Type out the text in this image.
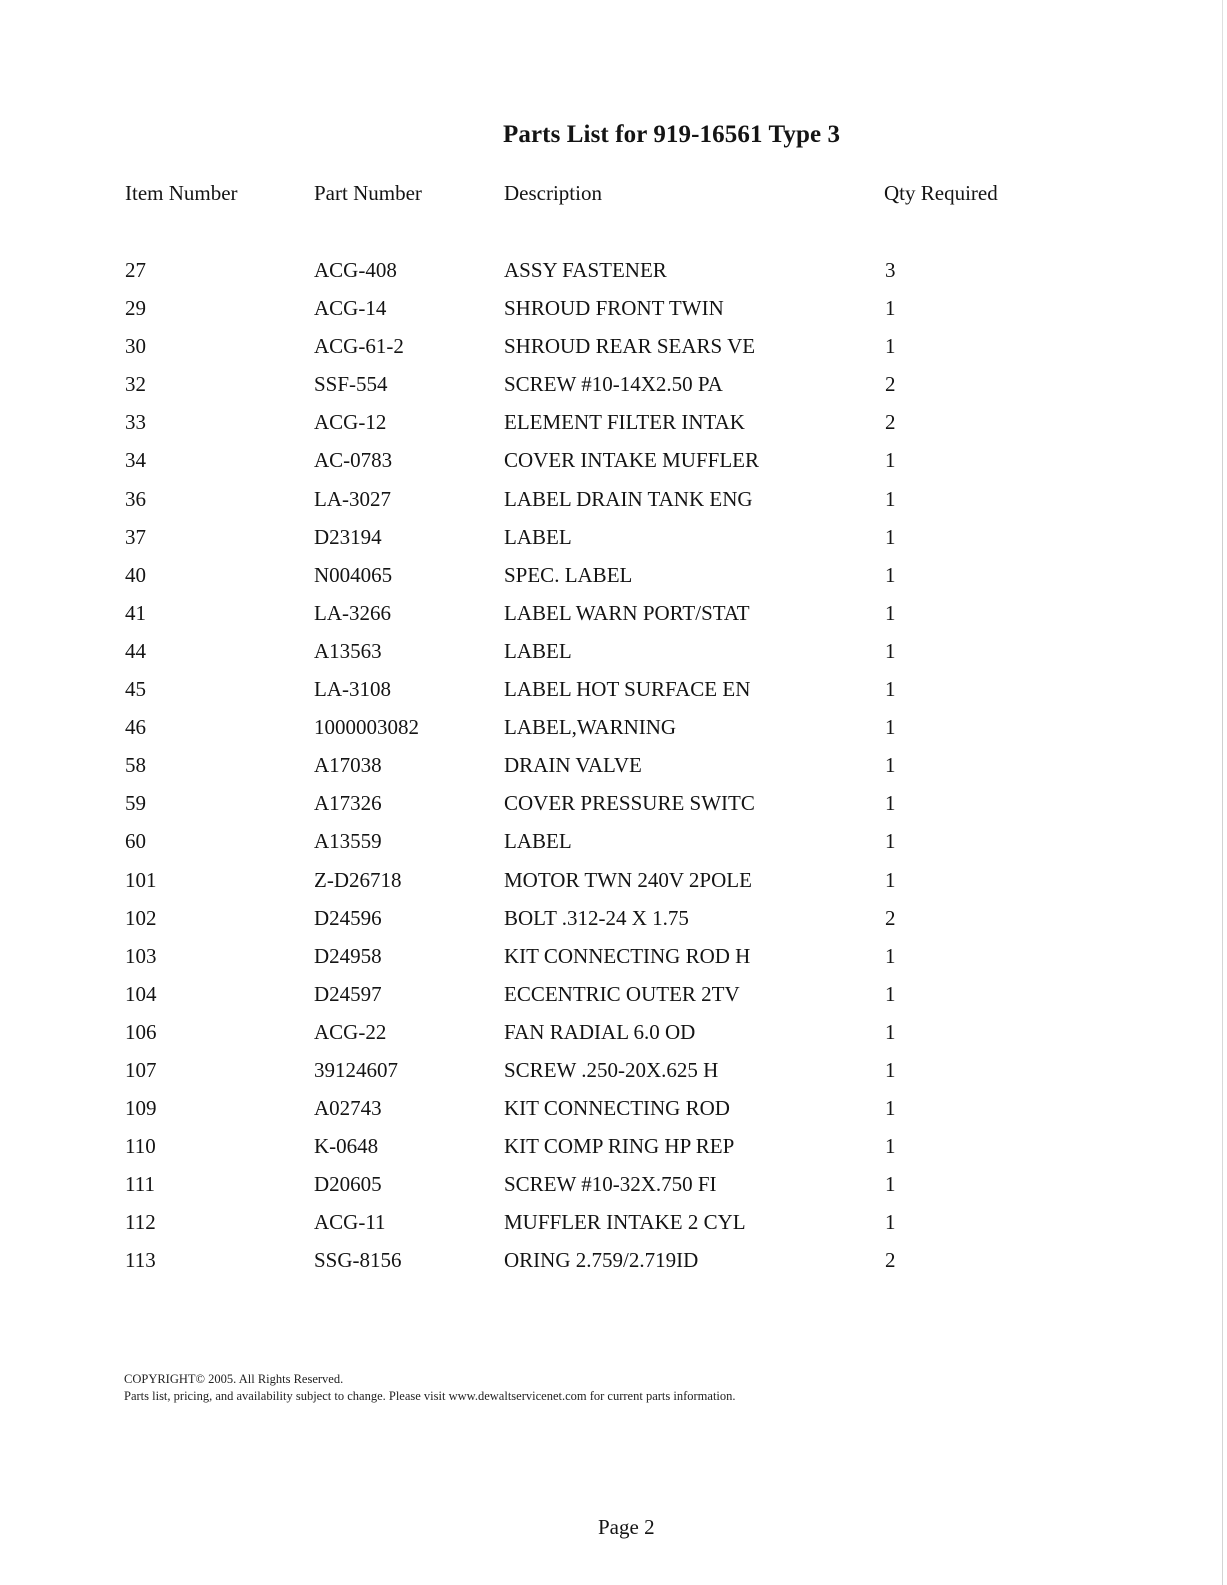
Parts List for 919-16561 Type 3
Item Number	Part Number	Description	Qty Required
27	ACG-408	ASSY FASTENER	3
29	ACG-14	SHROUD FRONT TWIN	1
30	ACG-61-2	SHROUD REAR SEARS VE	1
32	SSF-554	SCREW #10-14X2.50 PA	2
33	ACG-12	ELEMENT FILTER INTAK	2
34	AC-0783	COVER INTAKE MUFFLER	1
36	LA-3027	LABEL DRAIN TANK ENG	1
37	D23194	LABEL	1
40	N004065	SPEC. LABEL	1
41	LA-3266	LABEL WARN PORT/STAT	1
44	A13563	LABEL	1
45	LA-3108	LABEL HOT SURFACE EN	1
46	1000003082	LABEL,WARNING	1
58	A17038	DRAIN VALVE	1
59	A17326	COVER PRESSURE SWITC	1
60	A13559	LABEL	1
101	Z-D26718	MOTOR TWN 240V 2POLE	1
102	D24596	BOLT .312-24 X 1.75	2
103	D24958	KIT CONNECTING ROD H	1
104	D24597	ECCENTRIC OUTER 2TV	1
106	ACG-22	FAN RADIAL 6.0 OD	1
107	39124607	SCREW .250-20X.625 H	1
109	A02743	KIT CONNECTING ROD	1
110	K-0648	KIT COMP RING HP REP	1
111	D20605	SCREW #10-32X.750 FI	1
112	ACG-11	MUFFLER INTAKE 2 CYL	1
113	SSG-8156	ORING 2.759/2.719ID	2
COPYRIGHT© 2005. All Rights Reserved.
Parts list, pricing, and availability subject to change. Please visit www.dewaltservicenet.com for current parts information.
Page 2
